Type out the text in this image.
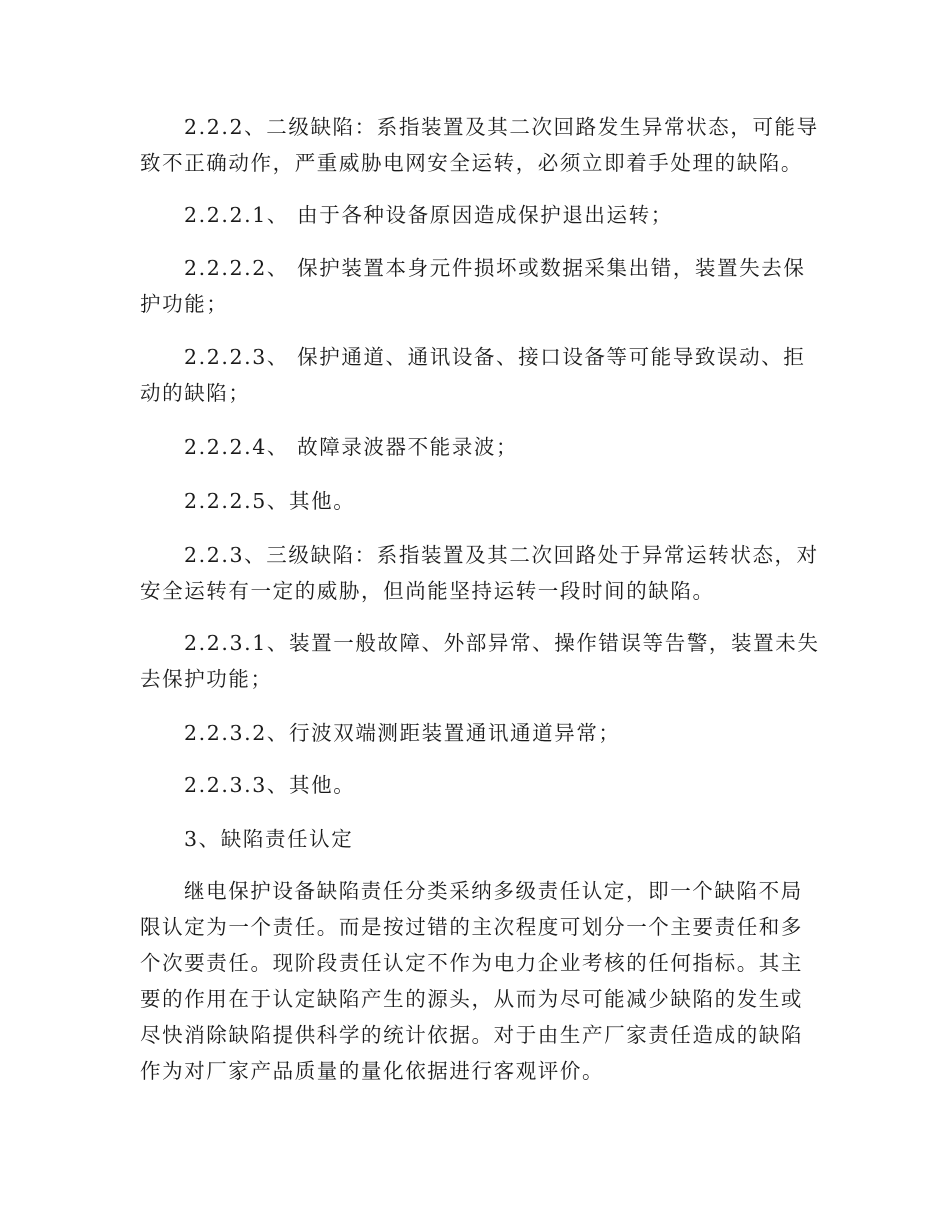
2.2.2、二级缺陷：系指装置及其二次回路发生异常状态，可能导致不正确动作，严重威胁电网安全运转，必须立即着手处理的缺陷。

2.2.2.1、 由于各种设备原因造成保护退出运转；

2.2.2.2、 保护装置本身元件损坏或数据采集出错，装置失去保护功能；

2.2.2.3、 保护通道、通讯设备、接口设备等可能导致误动、拒动的缺陷；

2.2.2.4、 故障录波器不能录波；

2.2.2.5、其他。

2.2.3、三级缺陷：系指装置及其二次回路处于异常运转状态，对安全运转有一定的威胁，但尚能坚持运转一段时间的缺陷。

2.2.3.1、装置一般故障、外部异常、操作错误等告警，装置未失去保护功能；

2.2.3.2、行波双端测距装置通讯通道异常；

2.2.3.3、其他。

3、缺陷责任认定

继电保护设备缺陷责任分类采纳多级责任认定，即一个缺陷不局限认定为一个责任。而是按过错的主次程度可划分一个主要责任和多个次要责任。现阶段责任认定不作为电力企业考核的任何指标。其主要的作用在于认定缺陷产生的源头，从而为尽可能减少缺陷的发生或尽快消除缺陷提供科学的统计依据。对于由生产厂家责任造成的缺陷作为对厂家产品质量的量化依据进行客观评价。
